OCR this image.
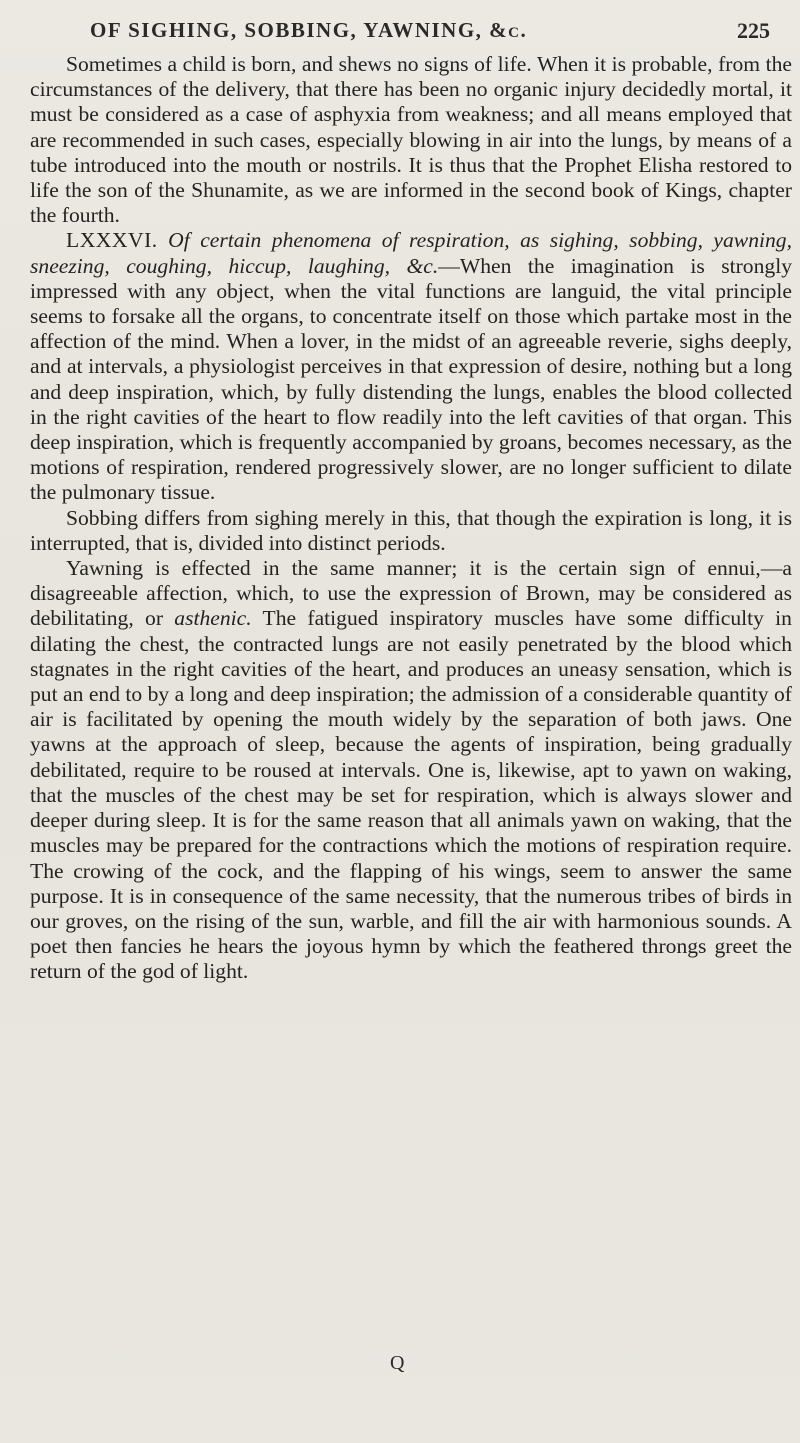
OF SIGHING, SOBBING, YAWNING, &c.	225

Sometimes a child is born, and shews no signs of life. When it is probable, from the circumstances of the delivery, that there has been no organic injury decidedly mortal, it must be considered as a case of asphyxia from weakness; and all means employed that are recommended in such cases, especially blowing in air into the lungs, by means of a tube introduced into the mouth or nostrils. It is thus that the Prophet Elisha restored to life the son of the Shunamite, as we are informed in the second book of Kings, chapter the fourth.

LXXXVI. Of certain phenomena of respiration, as sighing, sobbing, yawning, sneezing, coughing, hiccup, laughing, &c.—When the imagination is strongly impressed with any object, when the vital functions are languid, the vital principle seems to forsake all the organs, to concentrate itself on those which partake most in the affection of the mind. When a lover, in the midst of an agreeable reverie, sighs deeply, and at intervals, a physiologist perceives in that expression of desire, nothing but a long and deep inspiration, which, by fully distending the lungs, enables the blood collected in the right cavities of the heart to flow readily into the left cavities of that organ. This deep inspiration, which is frequently accompanied by groans, becomes necessary, as the motions of respiration, rendered progressively slower, are no longer sufficient to dilate the pulmonary tissue.

Sobbing differs from sighing merely in this, that though the expiration is long, it is interrupted, that is, divided into distinct periods.

Yawning is effected in the same manner; it is the certain sign of ennui,—a disagreeable affection, which, to use the expression of Brown, may be considered as debilitating, or asthenic. The fatigued inspiratory muscles have some difficulty in dilating the chest, the contracted lungs are not easily penetrated by the blood which stagnates in the right cavities of the heart, and produces an uneasy sensation, which is put an end to by a long and deep inspiration; the admission of a considerable quantity of air is facilitated by opening the mouth widely by the separation of both jaws. One yawns at the approach of sleep, because the agents of inspiration, being gradually debilitated, require to be roused at intervals. One is, likewise, apt to yawn on waking, that the muscles of the chest may be set for respiration, which is always slower and deeper during sleep. It is for the same reason that all animals yawn on waking, that the muscles may be prepared for the contractions which the motions of respiration require. The crowing of the cock, and the flapping of his wings, seem to answer the same purpose. It is in consequence of the same necessity, that the numerous tribes of birds in our groves, on the rising of the sun, warble, and fill the air with harmonious sounds. A poet then fancies he hears the joyous hymn by which the feathered throngs greet the return of the god of light.

Q
